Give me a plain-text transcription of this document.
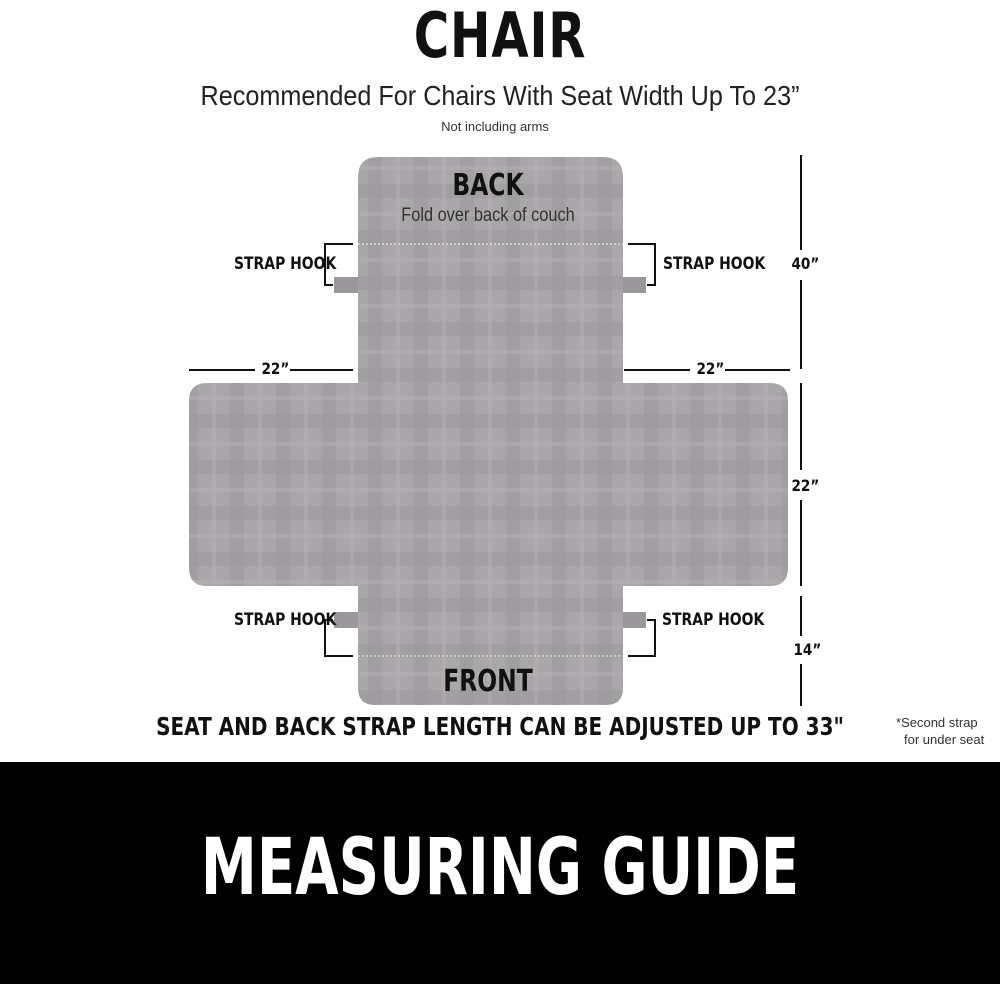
CHAIR
Recommended For Chairs With Seat Width Up To 23”
Not including arms
BACK
Fold over back of couch
FRONT
STRAP HOOK	STRAP HOOK
STRAP HOOK	STRAP HOOK
22”	22”
40”
22”
14”
SEAT AND BACK STRAP LENGTH CAN BE ADJUSTED UP TO 33"	*Second strap
for under seat
MEASURING GUIDE
